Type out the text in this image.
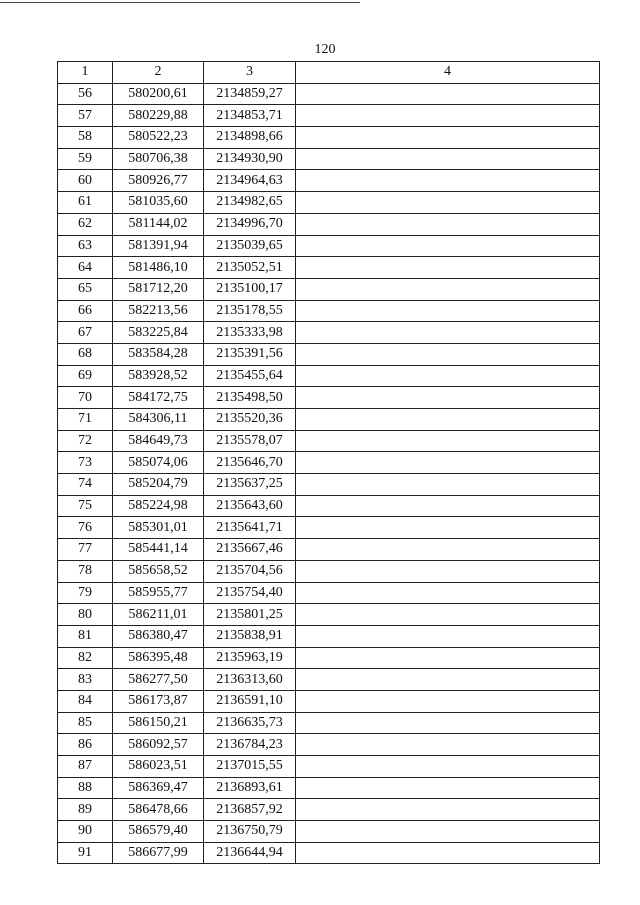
120
1	2	3	4
56	580200,61	2134859,27	
57	580229,88	2134853,71	
58	580522,23	2134898,66	
59	580706,38	2134930,90	
60	580926,77	2134964,63	
61	581035,60	2134982,65	
62	581144,02	2134996,70	
63	581391,94	2135039,65	
64	581486,10	2135052,51	
65	581712,20	2135100,17	
66	582213,56	2135178,55	
67	583225,84	2135333,98	
68	583584,28	2135391,56	
69	583928,52	2135455,64	
70	584172,75	2135498,50	
71	584306,11	2135520,36	
72	584649,73	2135578,07	
73	585074,06	2135646,70	
74	585204,79	2135637,25	
75	585224,98	2135643,60	
76	585301,01	2135641,71	
77	585441,14	2135667,46	
78	585658,52	2135704,56	
79	585955,77	2135754,40	
80	586211,01	2135801,25	
81	586380,47	2135838,91	
82	586395,48	2135963,19	
83	586277,50	2136313,60	
84	586173,87	2136591,10	
85	586150,21	2136635,73	
86	586092,57	2136784,23	
87	586023,51	2137015,55	
88	586369,47	2136893,61	
89	586478,66	2136857,92	
90	586579,40	2136750,79	
91	586677,99	2136644,94	
